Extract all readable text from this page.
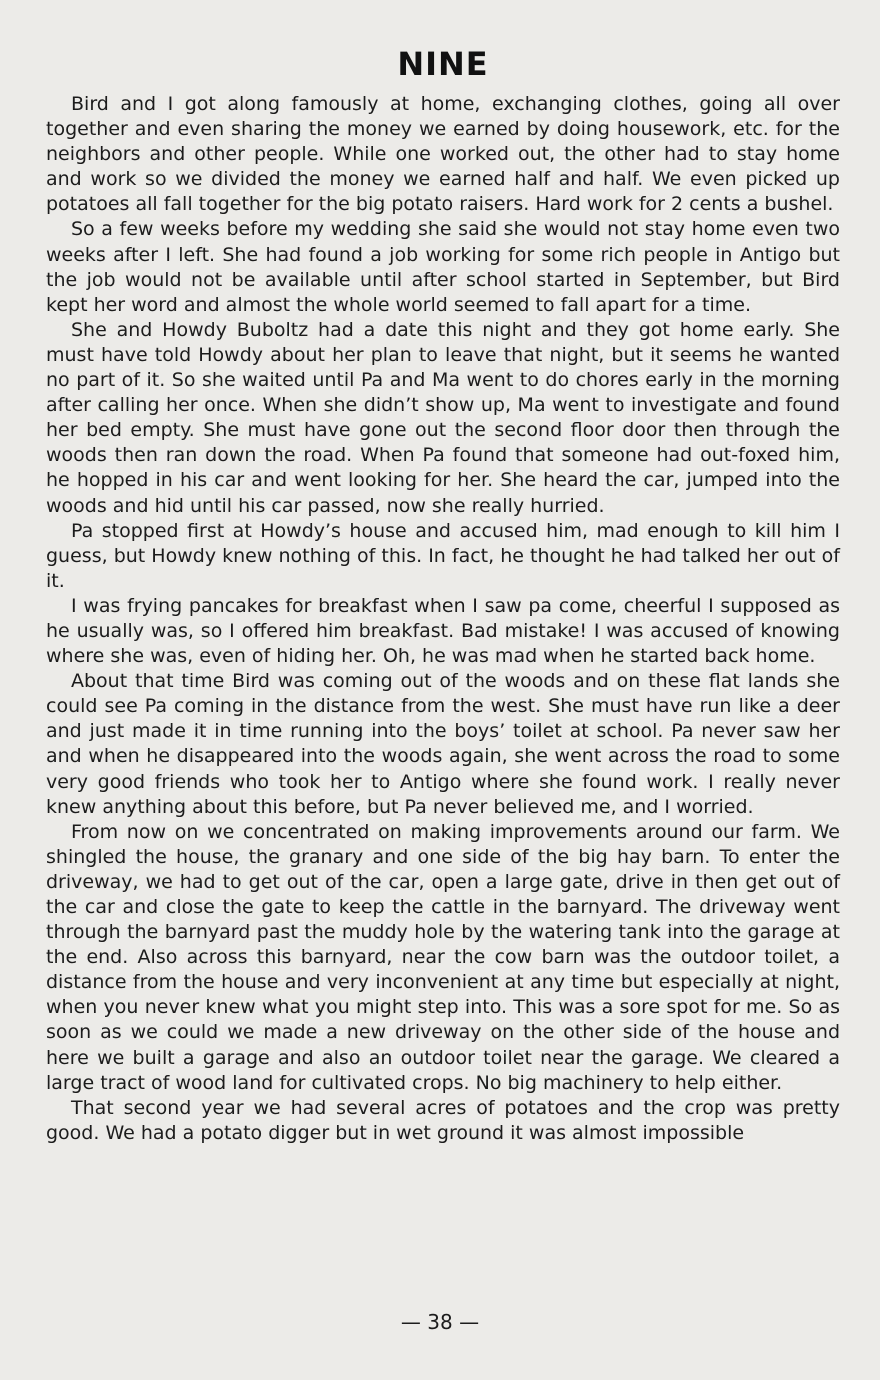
NINE

Bird and I got along famously at home, exchanging clothes, going all over together and even sharing the money we earned by doing housework, etc. for the neighbors and other people. While one worked out, the other had to stay home and work so we divided the money we earned half and half. We even picked up potatoes all fall together for the big potato raisers. Hard work for 2 cents a bushel.

So a few weeks before my wedding she said she would not stay home even two weeks after I left. She had found a job working for some rich people in Antigo but the job would not be available until after school started in September, but Bird kept her word and almost the whole world seemed to fall apart for a time.

She and Howdy Buboltz had a date this night and they got home early. She must have told Howdy about her plan to leave that night, but it seems he wanted no part of it. So she waited until Pa and Ma went to do chores early in the morning after calling her once. When she didn’t show up, Ma went to investigate and found her bed empty. She must have gone out the second floor door then through the woods then ran down the road. When Pa found that someone had out-foxed him, he hopped in his car and went looking for her. She heard the car, jumped into the woods and hid until his car passed, now she really hurried.

Pa stopped first at Howdy’s house and accused him, mad enough to kill him I guess, but Howdy knew nothing of this. In fact, he thought he had talked her out of it.

I was frying pancakes for breakfast when I saw pa come, cheerful I supposed as he usually was, so I offered him breakfast. Bad mistake! I was accused of knowing where she was, even of hiding her. Oh, he was mad when he started back home.

About that time Bird was coming out of the woods and on these flat lands she could see Pa coming in the distance from the west. She must have run like a deer and just made it in time running into the boys’ toilet at school. Pa never saw her and when he disappeared into the woods again, she went across the road to some very good friends who took her to Antigo where she found work. I really never knew anything about this before, but Pa never believed me, and I worried.

From now on we concentrated on making improvements around our farm. We shingled the house, the granary and one side of the big hay barn. To enter the driveway, we had to get out of the car, open a large gate, drive in then get out of the car and close the gate to keep the cattle in the barnyard. The driveway went through the barnyard past the muddy hole by the watering tank into the garage at the end. Also across this barnyard, near the cow barn was the outdoor toilet, a distance from the house and very inconvenient at any time but especially at night, when you never knew what you might step into. This was a sore spot for me. So as soon as we could we made a new driveway on the other side of the house and here we built a garage and also an outdoor toilet near the garage. We cleared a large tract of wood land for cultivated crops. No big machinery to help either.

That second year we had several acres of potatoes and the crop was pretty good. We had a potato digger but in wet ground it was almost impossible

— 38 —
